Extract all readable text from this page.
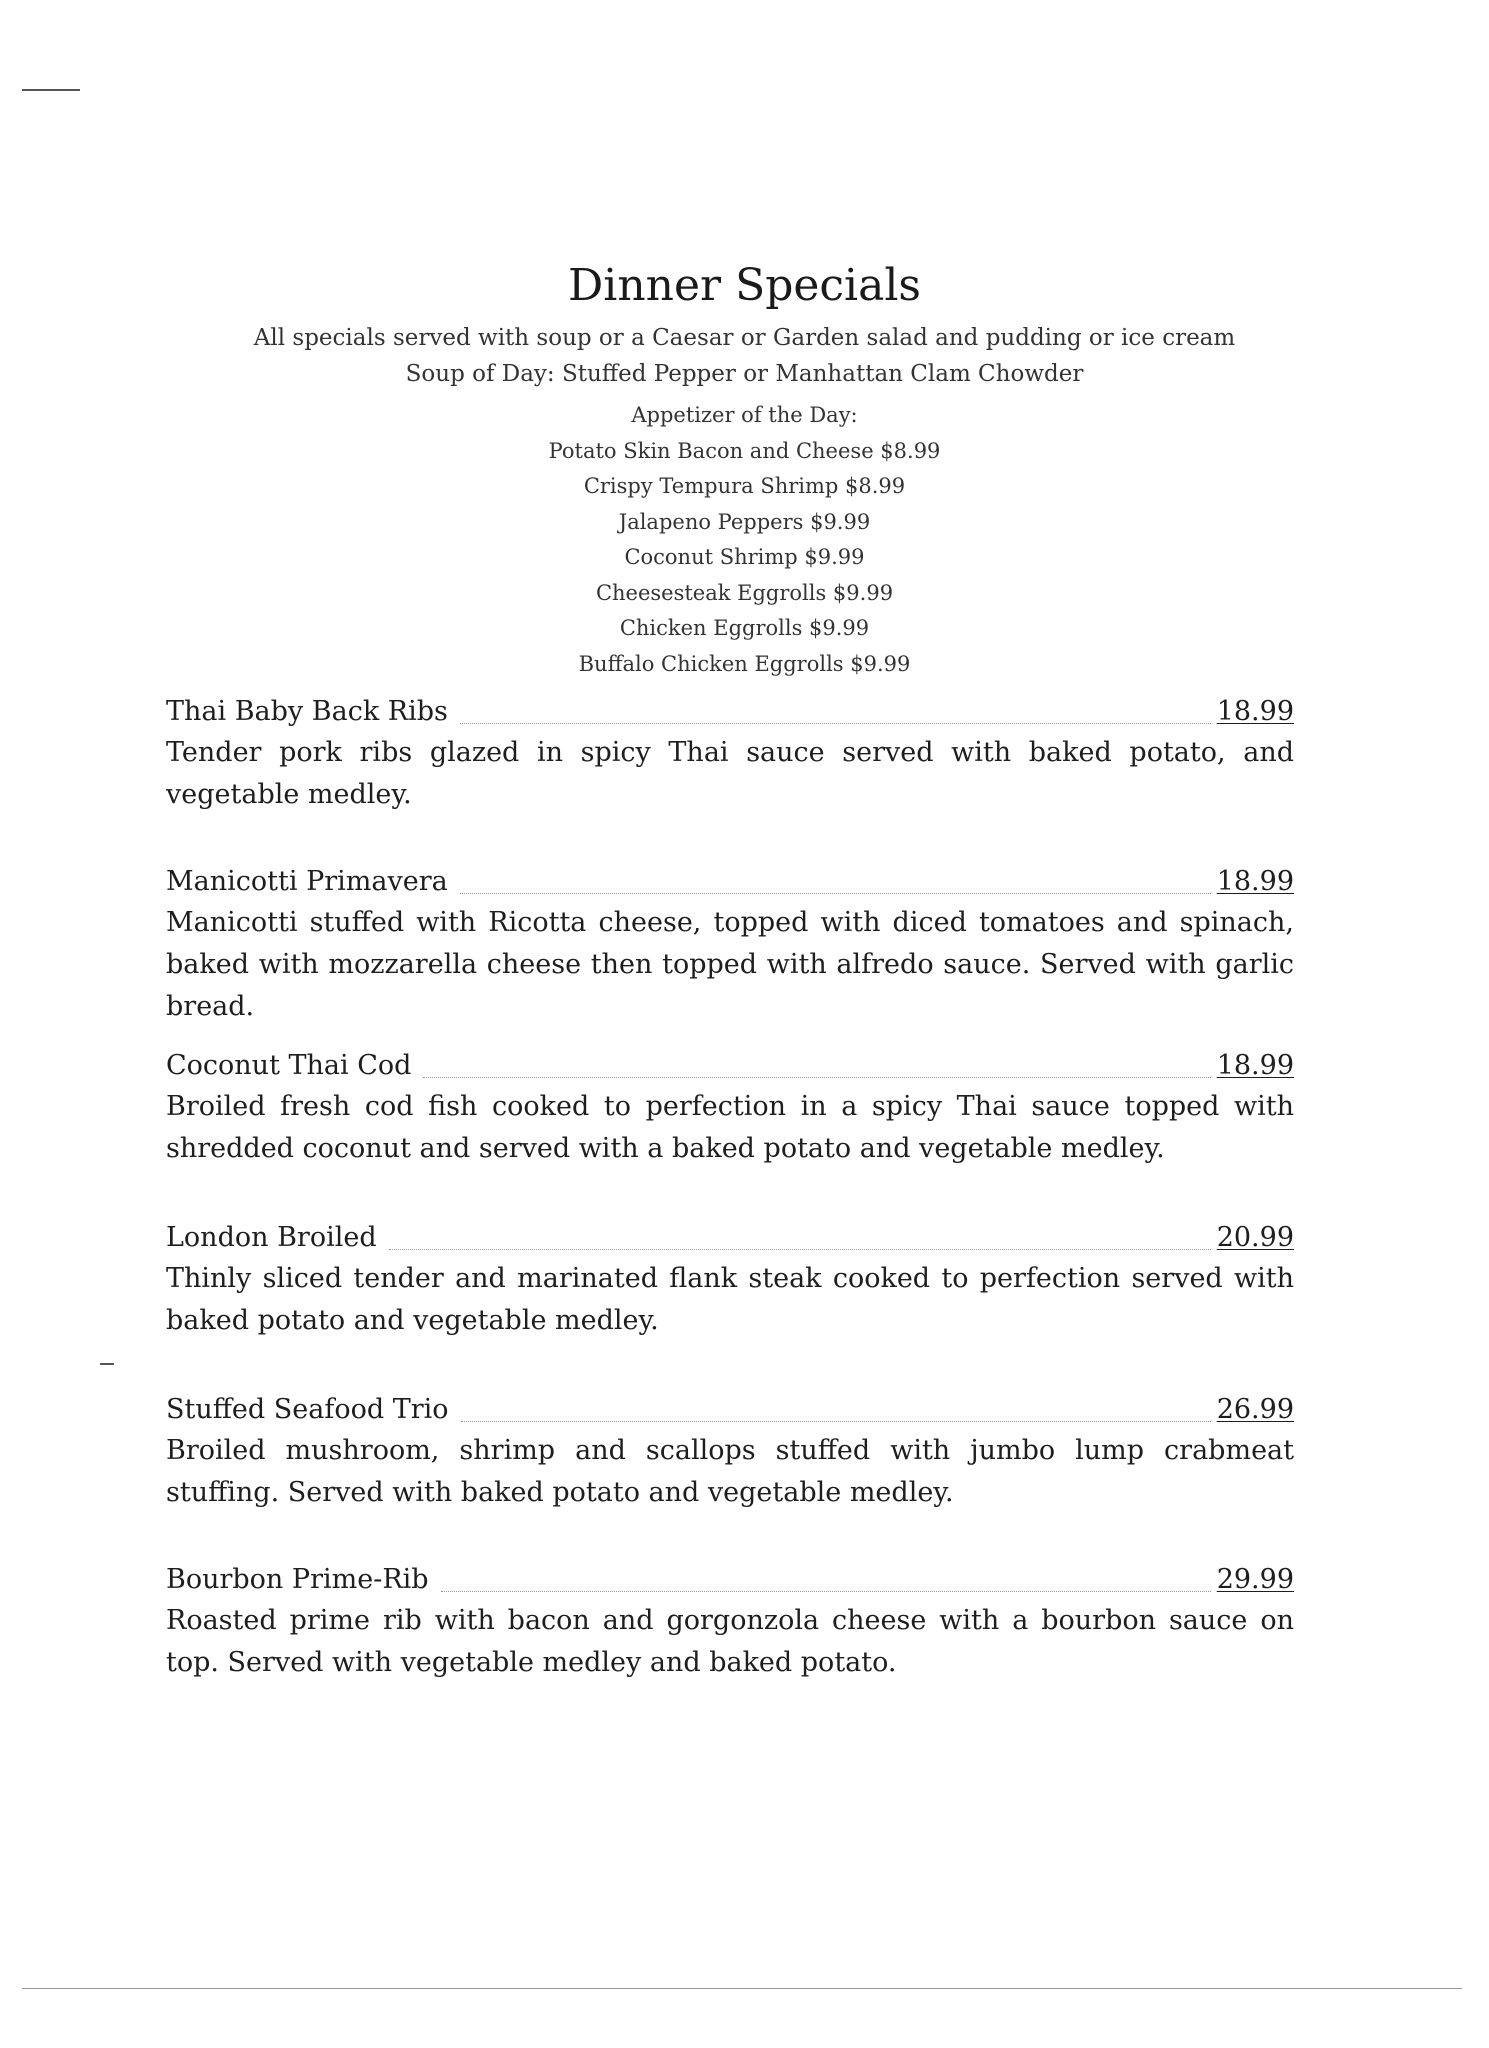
Dinner Specials
All specials served with soup or a Caesar or Garden salad and pudding or ice cream
Soup of Day: Stuffed Pepper or Manhattan Clam Chowder
Appetizer of the Day:
Potato Skin Bacon and Cheese $8.99
Crispy Tempura Shrimp $8.99
Jalapeno Peppers $9.99
Coconut Shrimp $9.99
Cheesesteak Eggrolls $9.99
Chicken Eggrolls $9.99
Buffalo Chicken Eggrolls $9.99
Thai Baby Back Ribs	18.99
Tender pork ribs glazed in spicy Thai sauce served with baked potato, and vegetable medley.
Manicotti Primavera	18.99
Manicotti stuffed with Ricotta cheese, topped with diced tomatoes and spinach, baked with mozzarella cheese then topped with alfredo sauce. Served with garlic bread.
Coconut Thai Cod	18.99
Broiled fresh cod fish cooked to perfection in a spicy Thai sauce topped with shredded coconut and served with a baked potato and vegetable medley.
London Broiled	20.99
Thinly sliced tender and marinated flank steak cooked to perfection served with baked potato and vegetable medley.
Stuffed Seafood Trio	26.99
Broiled mushroom, shrimp and scallops stuffed with jumbo lump crabmeat stuffing. Served with baked potato and vegetable medley.
Bourbon Prime-Rib	29.99
Roasted prime rib with bacon and gorgonzola cheese with a bourbon sauce on top. Served with vegetable medley and baked potato.
